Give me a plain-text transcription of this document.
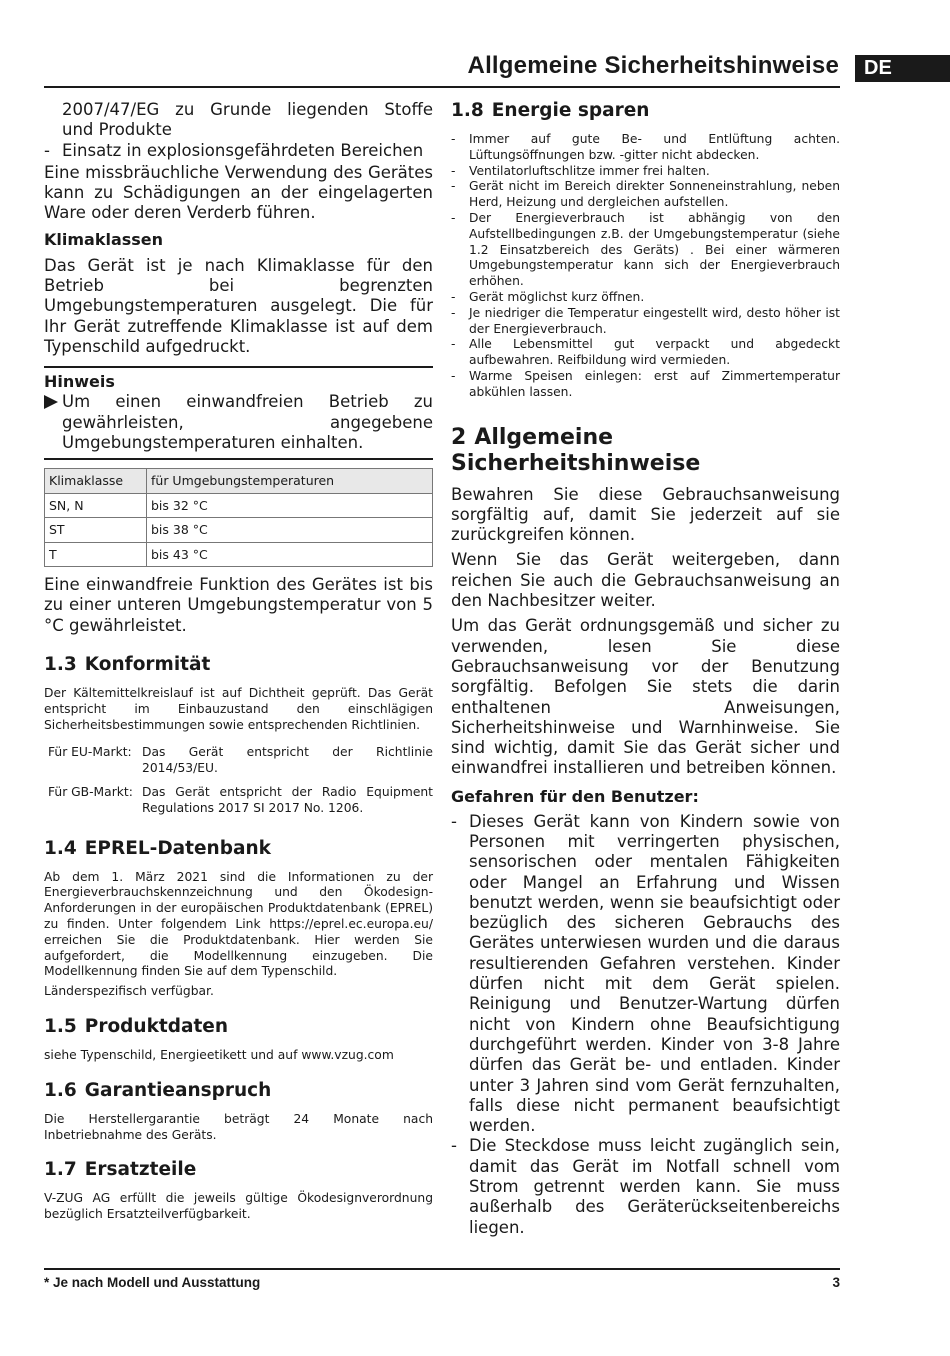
Allgemeine Sicherheitshinweise	DE
2007/47/EG zu Grunde liegenden Stoffe
und Produkte
- Einsatz in explosionsgefährdeten Bereichen

Eine missbräuchliche Verwendung des Gerätes kann zu Schädigungen an der eingelagerten Ware oder deren Verderb führen.

Klimaklassen

Das Gerät ist je nach Klimaklasse für den Betrieb bei begrenzten Umgebungstemperaturen ausgelegt. Die für Ihr Gerät zutreffende Klimaklasse ist auf dem Typenschild aufgedruckt.

Hinweis
Um einen einwandfreien Betrieb zu gewährleisten, angegebene Umgebungstemperaturen einhalten.
Klimaklasse	für Umgebungstemperaturen
SN, N	bis 32 °C
ST	bis 38 °C
T	bis 43 °C

Eine einwandfreie Funktion des Gerätes ist bis zu einer unteren Umgebungstemperatur von 5 °C gewährleistet.

1.3 Konformität

Der Kältemittelkreislauf ist auf Dichtheit geprüft. Das Gerät entspricht im Einbauzustand den einschlägigen Sicherheitsbestimmungen sowie entsprechenden Richtlinien.

Für EU-Markt: Das Gerät entspricht der Richtlinie 2014/53/EU.
Für GB-Markt: Das Gerät entspricht der Radio Equipment Regulations 2017 SI 2017 No. 1206.
1.4 EPREL-Datenbank

Ab dem 1. März 2021 sind die Informationen zu der Energieverbrauchskennzeichnung und den Ökodesign-Anforderungen in der europäischen Produktdatenbank (EPREL) zu finden. Unter folgendem Link https://eprel.ec.europa.eu/ erreichen Sie die Produktdatenbank. Hier werden Sie aufgefordert, die Modellkennung einzugeben. Die Modellkennung finden Sie auf dem Typenschild.

Länderspezifisch verfügbar.

1.5 Produktdaten

siehe Typenschild, Energieetikett und auf www.vzug.com

1.6 Garantieanspruch

Die Herstellergarantie beträgt 24 Monate nach Inbetriebnahme des Geräts.

1.7 Ersatzteile

V-ZUG AG erfüllt die jeweils gültige Ökodesignverordnung bezüglich Ersatzteilverfügbarkeit.

1.8 Energie sparen
- Immer auf gute Be- und Entlüftung achten. Lüftungsöffnungen bzw. -gitter nicht abdecken.
- Ventilatorluftschlitze immer frei halten.
- Gerät nicht im Bereich direkter Sonneneinstrahlung, neben Herd, Heizung und dergleichen aufstellen.
- Der Energieverbrauch ist abhängig von den Aufstellbedingungen z.B. der Umgebungstemperatur (siehe 1.2 Einsatzbereich des Geräts) . Bei einer wärmeren Umgebungstemperatur kann sich der Energieverbrauch erhöhen.
- Gerät möglichst kurz öffnen.
- Je niedriger die Temperatur eingestellt wird, desto höher ist der Energieverbrauch.
- Alle Lebensmittel gut verpackt und abgedeckt aufbewahren. Reifbildung wird vermieden.
- Warme Speisen einlegen: erst auf Zimmertemperatur abkühlen lassen.
2 Allgemeine Sicherheitshinweise

Bewahren Sie diese Gebrauchsanweisung sorgfältig auf, damit Sie jederzeit auf sie zurückgreifen können.

Wenn Sie das Gerät weitergeben, dann reichen Sie auch die Gebrauchsanweisung an den Nachbesitzer weiter.

Um das Gerät ordnungsgemäß und sicher zu verwenden, lesen Sie diese Gebrauchsanweisung vor der Benutzung sorgfältig. Befolgen Sie stets die darin enthaltenen Anweisungen, Sicherheitshinweise und Warnhinweise. Sie sind wichtig, damit Sie das Gerät sicher und einwandfrei installieren und betreiben können.

Gefahren für den Benutzer:
- Dieses Gerät kann von Kindern sowie von Personen mit verringerten physischen, sensorischen oder mentalen Fähigkeiten oder Mangel an Erfahrung und Wissen benutzt werden, wenn sie beaufsichtigt oder bezüglich des sicheren Gebrauchs des Gerätes unterwiesen wurden und die daraus resultierenden Gefahren verstehen. Kinder dürfen nicht mit dem Gerät spielen. Reinigung und Benutzer-Wartung dürfen nicht von Kindern ohne Beaufsichtigung durchgeführt werden. Kinder von 3-8 Jahre dürfen das Gerät be- und entladen. Kinder unter 3 Jahren sind vom Gerät fernzuhalten, falls diese nicht permanent beaufsichtigt werden.
- Die Steckdose muss leicht zugänglich sein, damit das Gerät im Notfall schnell vom Strom getrennt werden kann. Sie muss außerhalb des Geräterückseitenbereichs liegen.
* Je nach Modell und Ausstattung	3
